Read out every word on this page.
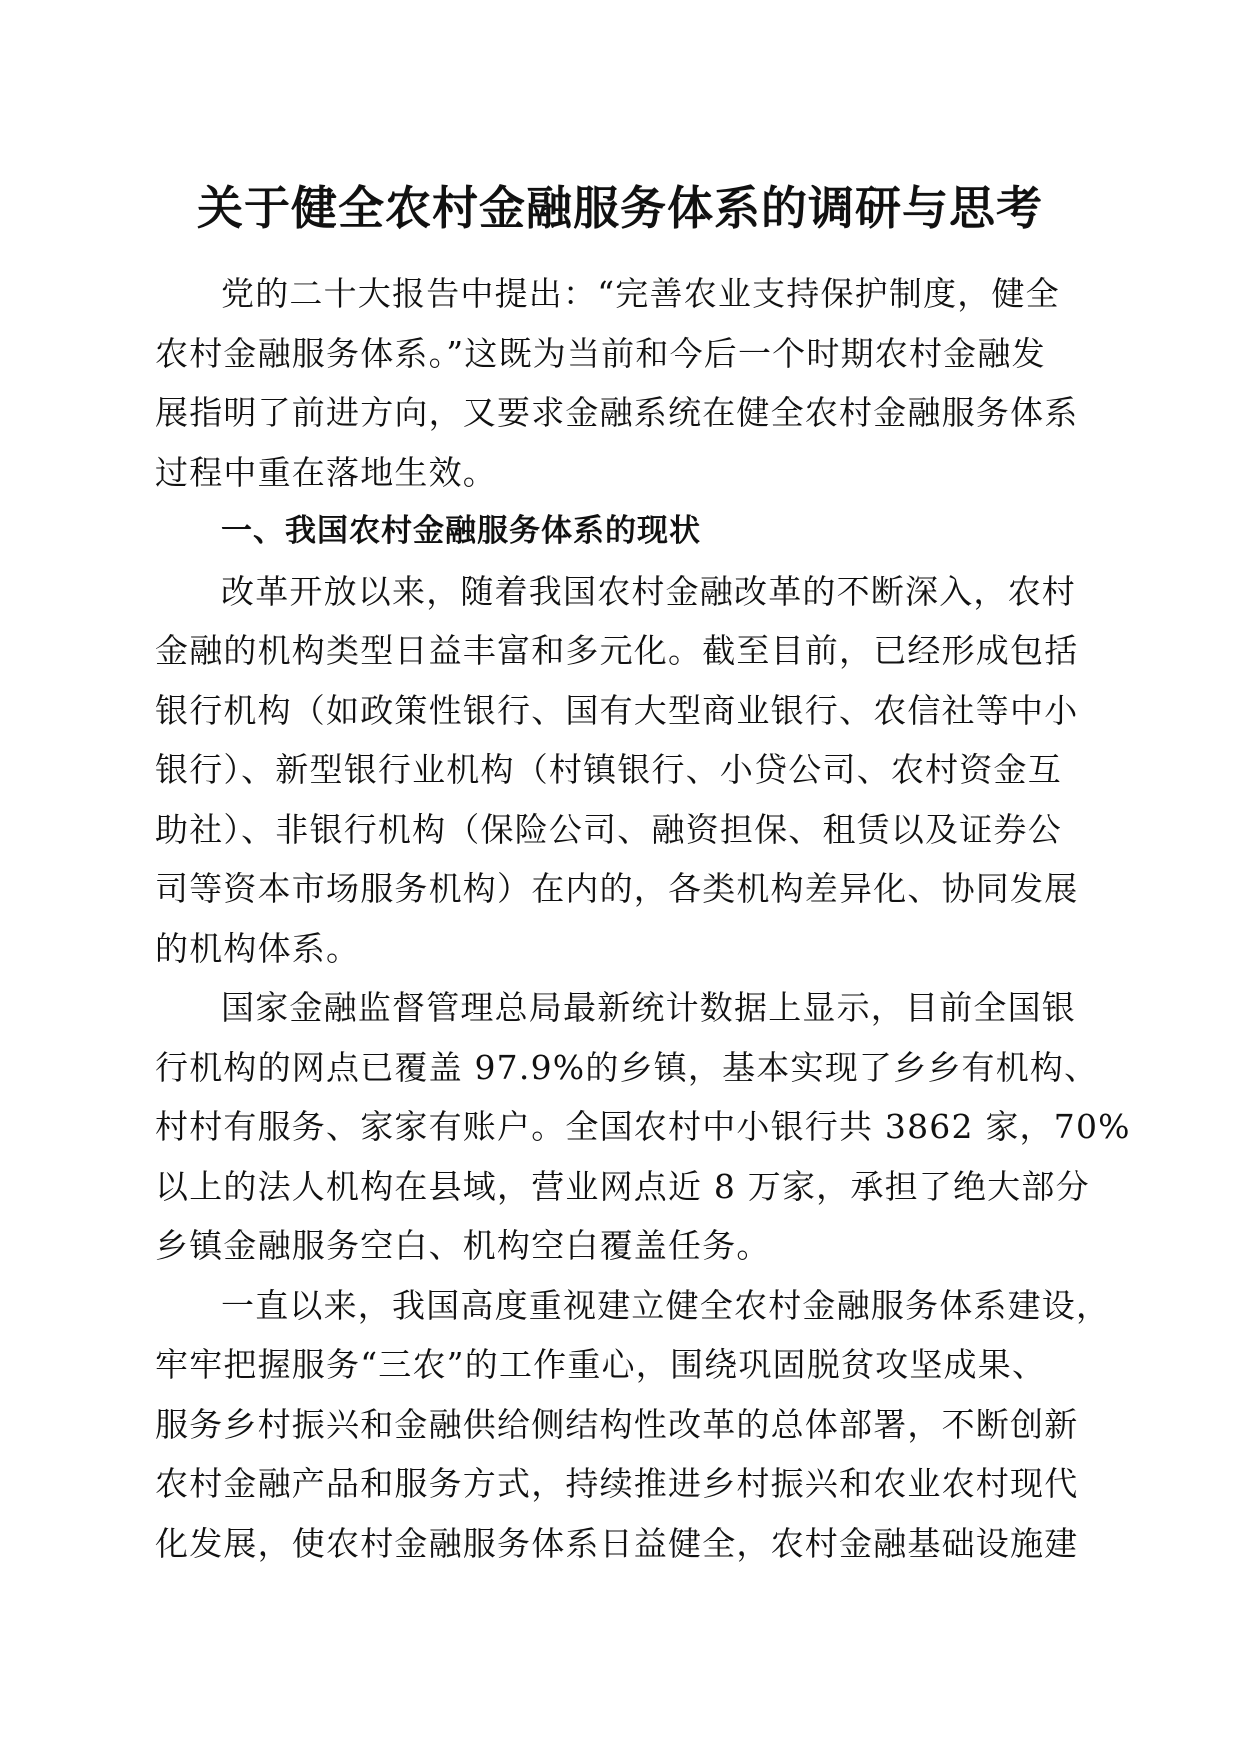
关于健全农村金融服务体系的调研与思考
党的二十大报告中提出：“完善农业支持保护制度，健全
农村金融服务体系。”这既为当前和今后一个时期农村金融发
展指明了前进方向，又要求金融系统在健全农村金融服务体系
过程中重在落地生效。
一、我国农村金融服务体系的现状
改革开放以来，随着我国农村金融改革的不断深入，农村
金融的机构类型日益丰富和多元化。截至目前，已经形成包括
银行机构（如政策性银行、国有大型商业银行、农信社等中小
银行）、新型银行业机构（村镇银行、小贷公司、农村资金互
助社）、非银行机构（保险公司、融资担保、租赁以及证券公
司等资本市场服务机构）在内的，各类机构差异化、协同发展
的机构体系。
国家金融监督管理总局最新统计数据上显示，目前全国银
行机构的网点已覆盖 97.9%的乡镇，基本实现了乡乡有机构、
村村有服务、家家有账户。全国农村中小银行共 3862 家，70%
以上的法人机构在县域，营业网点近 8 万家，承担了绝大部分
乡镇金融服务空白、机构空白覆盖任务。
一直以来，我国高度重视建立健全农村金融服务体系建设，
牢牢把握服务“三农”的工作重心，围绕巩固脱贫攻坚成果、
服务乡村振兴和金融供给侧结构性改革的总体部署，不断创新
农村金融产品和服务方式，持续推进乡村振兴和农业农村现代
化发展，使农村金融服务体系日益健全，农村金融基础设施建
